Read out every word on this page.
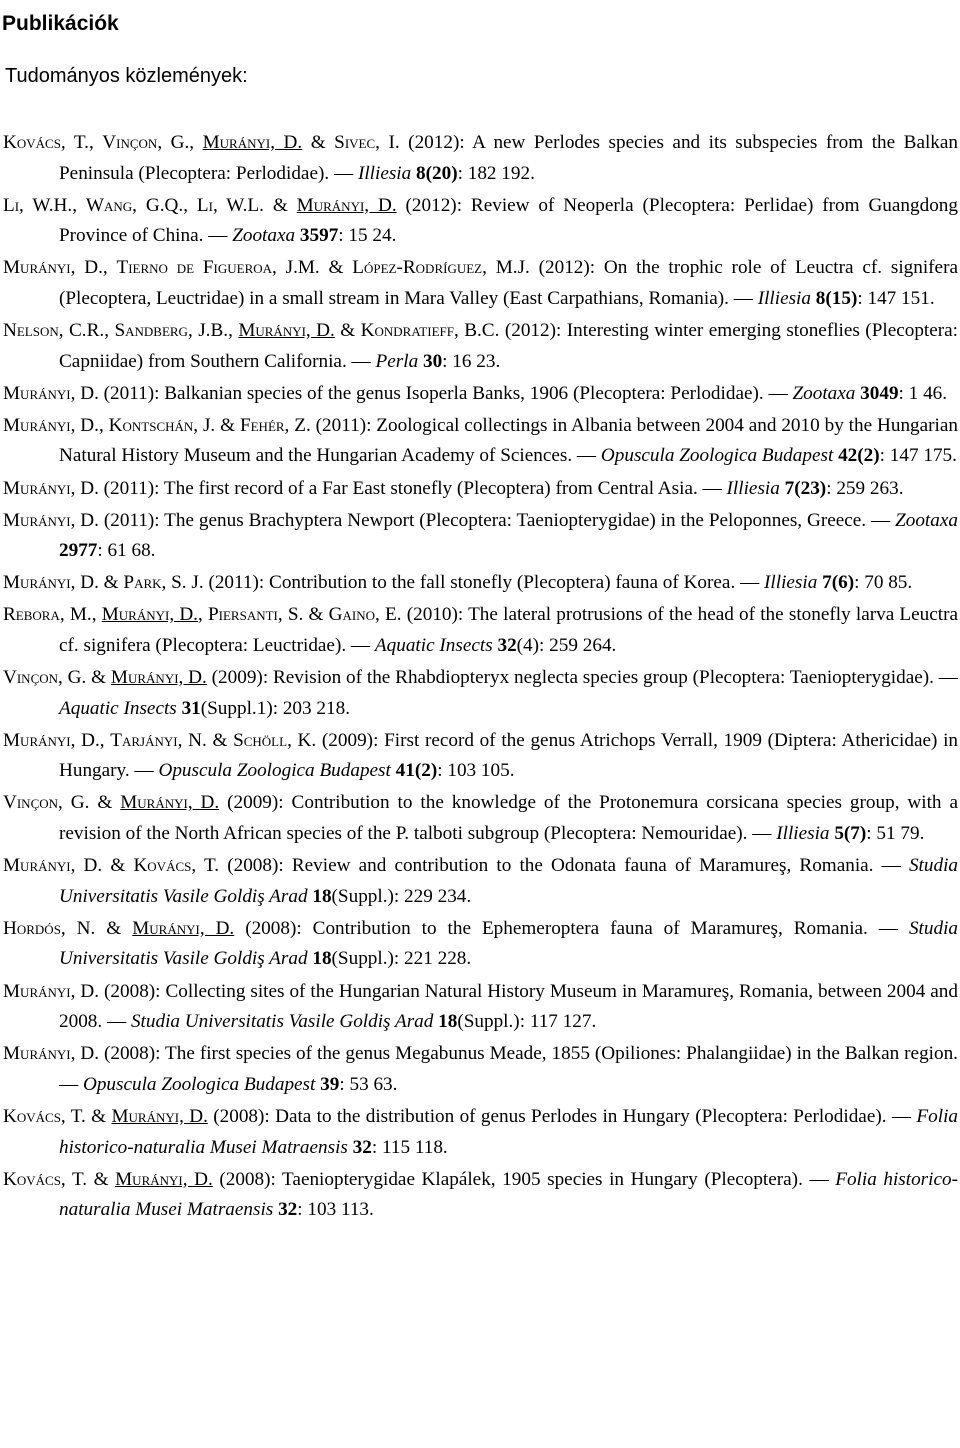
Publikációk
Tudományos közlemények:

Kovács, T., Vinçon, G., Murányi, D. & Sivec, I. (2012): A new Perlodes species and its subspecies from the Balkan Peninsula (Plecoptera: Perlodidae). — Illiesia 8(20): 182 192.

Li, W.H., Wang, G.Q., Li, W.L. & Murányi, D. (2012): Review of Neoperla (Plecoptera: Perlidae) from Guangdong Province of China. — Zootaxa 3597: 15 24.

Murányi, D., Tierno de Figueroa, J.M. & López-Rodríguez, M.J. (2012): On the trophic role of Leuctra cf. signifera (Plecoptera, Leuctridae) in a small stream in Mara Valley (East Carpathians, Romania). — Illiesia 8(15): 147 151.

Nelson, C.R., Sandberg, J.B., Murányi, D. & Kondratieff, B.C. (2012): Interesting winter emerging stoneflies (Plecoptera: Capniidae) from Southern California. — Perla 30: 16 23.

Murányi, D. (2011): Balkanian species of the genus Isoperla Banks, 1906 (Plecoptera: Perlodidae). — Zootaxa 3049: 1 46.

Murányi, D., Kontschán, J. & Fehér, Z. (2011): Zoological collectings in Albania between 2004 and 2010 by the Hungarian Natural History Museum and the Hungarian Academy of Sciences. — Opuscula Zoologica Budapest 42(2): 147 175.

Murányi, D. (2011): The first record of a Far East stonefly (Plecoptera) from Central Asia. — Illiesia 7(23): 259 263.

Murányi, D. (2011): The genus Brachyptera Newport (Plecoptera: Taeniopterygidae) in the Peloponnes, Greece. — Zootaxa 2977: 61 68.

Murányi, D. & Park, S. J. (2011): Contribution to the fall stonefly (Plecoptera) fauna of Korea. — Illiesia 7(6): 70 85.

Rebora, M., Murányi, D., Piersanti, S. & Gaino, E. (2010): The lateral protrusions of the head of the stonefly larva Leuctra cf. signifera (Plecoptera: Leuctridae). — Aquatic Insects 32(4): 259 264.

Vinçon, G. & Murányi, D. (2009): Revision of the Rhabdiopteryx neglecta species group (Plecoptera: Taeniopterygidae). — Aquatic Insects 31(Suppl.1): 203 218.

Murányi, D., Tarjányi, N. & Schöll, K. (2009): First record of the genus Atrichops Verrall, 1909 (Diptera: Athericidae) in Hungary. — Opuscula Zoologica Budapest 41(2): 103 105.

Vinçon, G. & Murányi, D. (2009): Contribution to the knowledge of the Protonemura corsicana species group, with a revision of the North African species of the P. talboti subgroup (Plecoptera: Nemouridae). — Illiesia 5(7): 51 79.

Murányi, D. & Kovács, T. (2008): Review and contribution to the Odonata fauna of Maramureş, Romania. — Studia Universitatis Vasile Goldiş Arad 18(Suppl.): 229 234.

Hordós, N. & Murányi, D. (2008): Contribution to the Ephemeroptera fauna of Maramureş, Romania. — Studia Universitatis Vasile Goldiş Arad 18(Suppl.): 221 228.

Murányi, D. (2008): Collecting sites of the Hungarian Natural History Museum in Maramureş, Romania, between 2004 and 2008. — Studia Universitatis Vasile Goldiş Arad 18(Suppl.): 117 127.

Murányi, D. (2008): The first species of the genus Megabunus Meade, 1855 (Opiliones: Phalangiidae) in the Balkan region. — Opuscula Zoologica Budapest 39: 53 63.

Kovács, T. & Murányi, D. (2008): Data to the distribution of genus Perlodes in Hungary (Plecoptera: Perlodidae). — Folia historico-naturalia Musei Matraensis 32: 115 118.

Kovács, T. & Murányi, D. (2008): Taeniopterygidae Klapálek, 1905 species in Hungary (Plecoptera). — Folia historico-naturalia Musei Matraensis 32: 103 113.
